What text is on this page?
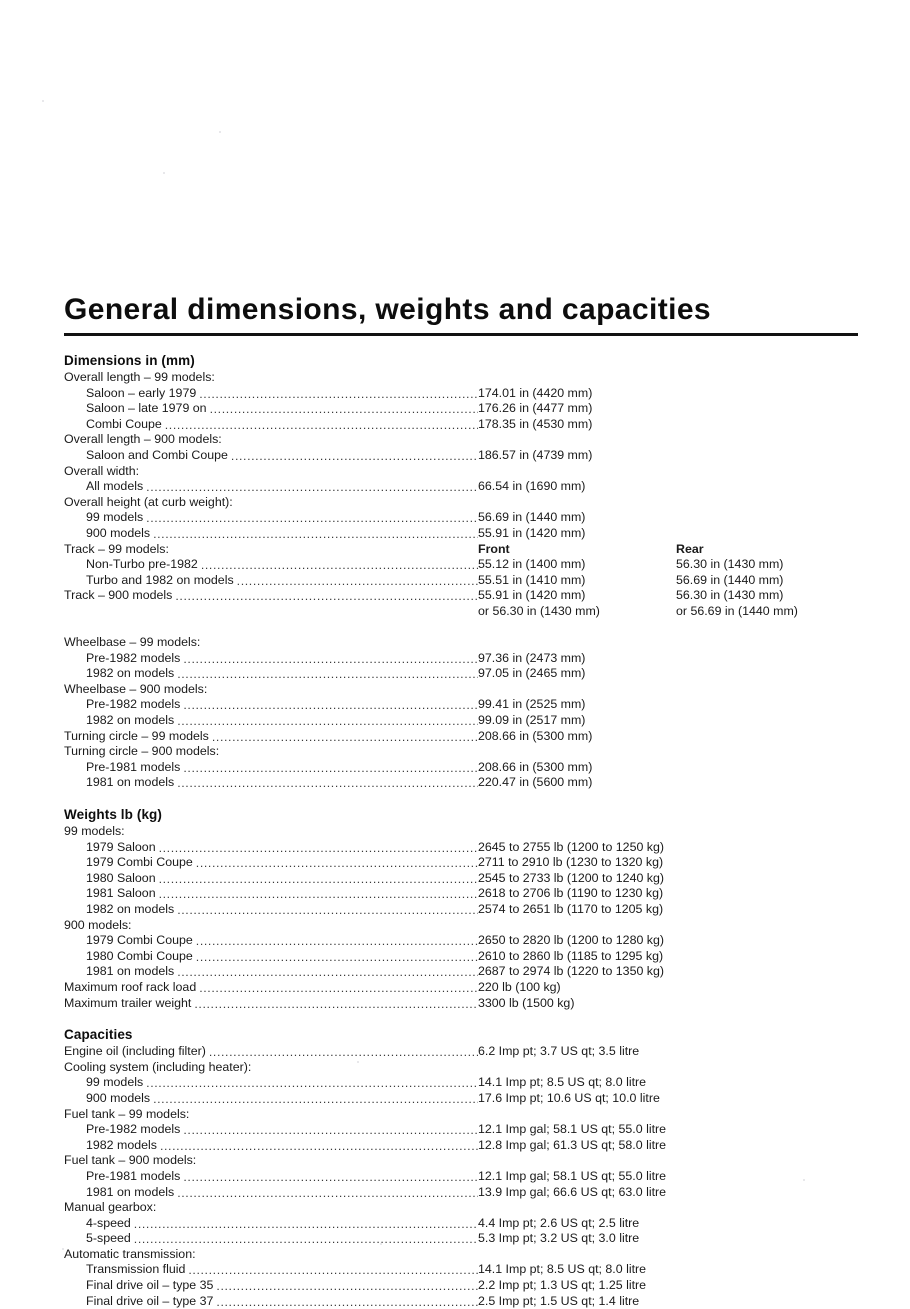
General dimensions, weights and capacities
Dimensions in (mm)
Overall length – 99 models:
Saloon – early 1979 .....	174.01 in (4420 mm)
Saloon – late 1979 on .....	176.26 in (4477 mm)
Combi Coupe .....	178.35 in (4530 mm)
Overall length – 900 models:
Saloon and Combi Coupe .....	186.57 in (4739 mm)
Overall width:
All models .....	66.54 in (1690 mm)
Overall height (at curb weight):
99 models .....	56.69 in (1440 mm)
900 models .....	55.91 in (1420 mm)
Track – 99 models:	Front	Rear
Non-Turbo pre-1982 .....	55.12 in (1400 mm)	56.30 in (1430 mm)
Turbo and 1982 on models .....	55.51 in (1410 mm)	56.69 in (1440 mm)
Track – 900 models .....	55.91 in (1420 mm)	56.30 in (1430 mm)
or 56.30 in (1430 mm)	or 56.69 in (1440 mm)
Wheelbase – 99 models:
Pre-1982 models .....	97.36 in (2473 mm)
1982 on models .....	97.05 in (2465 mm)
Wheelbase – 900 models:
Pre-1982 models .....	99.41 in (2525 mm)
1982 on models .....	99.09 in (2517 mm)
Turning circle – 99 models .....	208.66 in (5300 mm)
Turning circle – 900 models:
Pre-1981 models .....	208.66 in (5300 mm)
1981 on models .....	220.47 in (5600 mm)
Weights lb (kg)
99 models:
1979 Saloon .....	2645 to 2755 lb (1200 to 1250 kg)
1979 Combi Coupe .....	2711 to 2910 lb (1230 to 1320 kg)
1980 Saloon .....	2545 to 2733 lb (1200 to 1240 kg)
1981 Saloon .....	2618 to 2706 lb (1190 to 1230 kg)
1982 on models .....	2574 to 2651 lb (1170 to 1205 kg)
900 models:
1979 Combi Coupe .....	2650 to 2820 lb (1200 to 1280 kg)
1980 Combi Coupe .....	2610 to 2860 lb (1185 to 1295 kg)
1981 on models .....	2687 to 2974 lb (1220 to 1350 kg)
Maximum roof rack load .....	220 lb (100 kg)
Maximum trailer weight .....	3300 lb (1500 kg)
Capacities
Engine oil (including filter) .....	6.2 Imp pt; 3.7 US qt; 3.5 litre
Cooling system (including heater):
99 models .....	14.1 Imp pt; 8.5 US qt; 8.0 litre
900 models .....	17.6 Imp pt; 10.6 US qt; 10.0 litre
Fuel tank – 99 models:
Pre-1982 models .....	12.1 Imp gal; 58.1 US qt; 55.0 litre
1982 models .....	12.8 Imp gal; 61.3 US qt; 58.0 litre
Fuel tank – 900 models:
Pre-1981 models .....	12.1 Imp gal; 58.1 US qt; 55.0 litre
1981 on models .....	13.9 Imp gal; 66.6 US qt; 63.0 litre
Manual gearbox:
4-speed .....	4.4 Imp pt; 2.6 US qt; 2.5 litre
5-speed .....	5.3 Imp pt; 3.2 US qt; 3.0 litre
Automatic transmission:
Transmission fluid .....	14.1 Imp pt; 8.5 US qt; 8.0 litre
Final drive oil – type 35 .....	2.2 Imp pt; 1.3 US qt; 1.25 litre
Final drive oil – type 37 .....	2.5 Imp pt; 1.5 US qt; 1.4 litre
